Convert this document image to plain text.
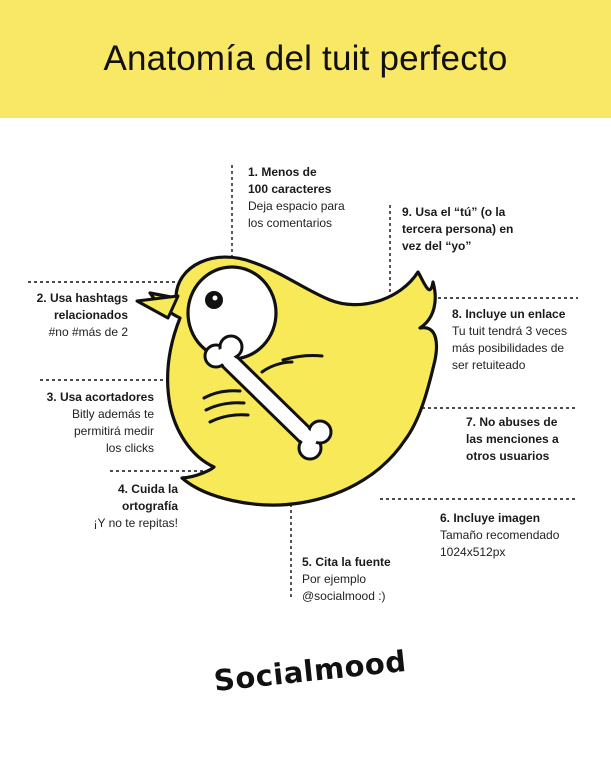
Anatomía del tuit perfecto
1. Menos de
100 caracteres
Deja espacio para
los comentarios
2. Usa hashtags
relacionados
#no #más de 2
3. Usa acortadores
Bitly además te
permitirá medir
los clicks
4. Cuida la
ortografía
¡Y no te repitas!
5. Cita la fuente
Por ejemplo
@socialmood :)
6. Incluye imagen
Tamaño recomendado
1024x512px
7. No abuses de
las menciones a
otros usuarios
8. Incluye un enlace
Tu tuit tendrá 3 veces
más posibilidades de
ser retuiteado
9. Usa el “tú” (o la
tercera persona) en
vez del “yo”
Socialmood
